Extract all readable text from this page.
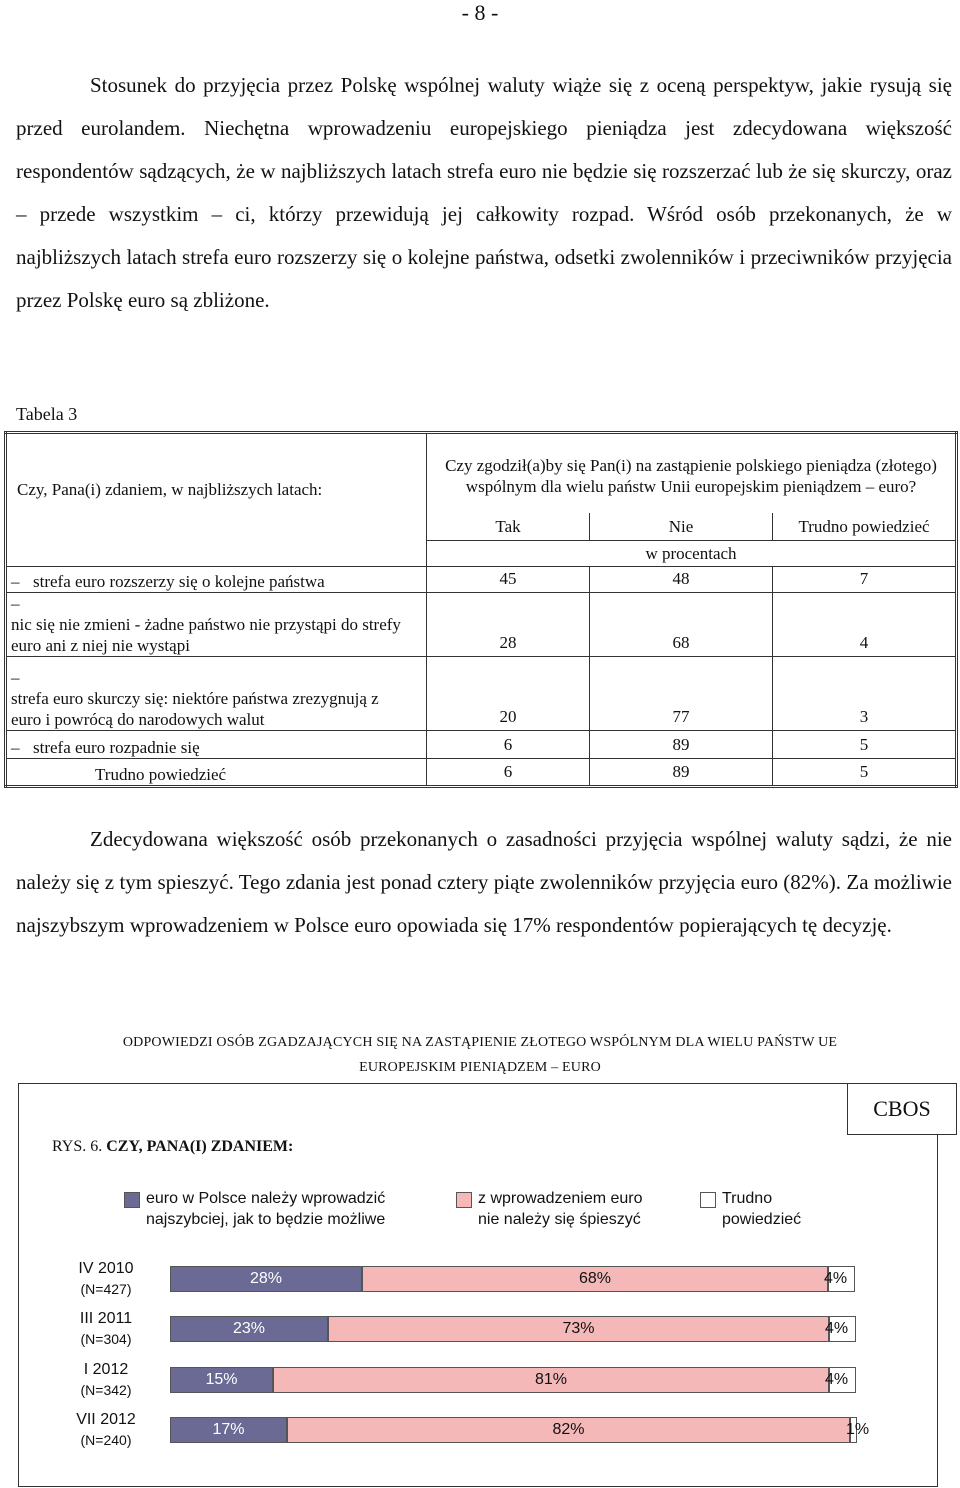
- 8 -

Stosunek do przyjęcia przez Polskę wspólnej waluty wiąże się z oceną perspektyw, jakie rysują się przed eurolandem. Niechętna wprowadzeniu europejskiego pieniądza jest zdecydowana większość respondentów sądzących, że w najbliższych latach strefa euro nie będzie się rozszerzać lub że się skurczy, oraz – przede wszystkim – ci, którzy przewidują jej całkowity rozpad. Wśród osób przekonanych, że w najbliższych latach strefa euro rozszerzy się o kolejne państwa, odsetki zwolenników i przeciwników przyjęcia przez Polskę euro są zbliżone.

Tabela 3
Czy, Pana(i) zdaniem, w najbliższych latach:	Czy zgodził(a)by się Pan(i) na zastąpienie polskiego pieniądza (złotego) wspólnym dla wielu państw Unii europejskim pieniądzem – euro?		
	Tak	Nie	Trudno powiedzieć
	w procentach		
– strefa euro rozszerzy się o kolejne państwa	45	48	7
–nic się nie zmieni - żadne państwo nie przystąpi do strefy euro ani z niej nie wystąpi	28	68	4
–strefa euro skurczy się: niektóre państwa zrezygnują z euro i powrócą do narodowych walut	20	77	3
– strefa euro rozpadnie się	6	89	5
Trudno powiedzieć	6	89	5

Zdecydowana większość osób przekonanych o zasadności przyjęcia wspólnej waluty sądzi, że nie należy się z tym spieszyć. Tego zdania jest ponad cztery piąte zwolenników przyjęcia euro (82%). Za możliwie najszybszym wprowadzeniem w Polsce euro opowiada się 17% respondentów popierających tę decyzję.

ODPOWIEDZI OSÓB ZGADZAJĄCYCH SIĘ NA ZASTĄPIENIE ZŁOTEGO WSPÓLNYM DLA WIELU PAŃSTW UE
EUROPEJSKIM PIENIĄDZEM – EURO
CBOS
RYS. 6. CZY, PANA(I) ZDANIEM:
euro w Polsce należy wprowadzić
najszybciej, jak to będzie możliwe
z wprowadzeniem euro
nie należy się śpieszyć
Trudno
powiedzieć
IV 2010
(N=427)
28%	68%	4%
III 2011
(N=304)
23%	73%	4%
I 2012
(N=342)
15%	81%	4%
VII 2012
(N=240)
17%	82%	1%
